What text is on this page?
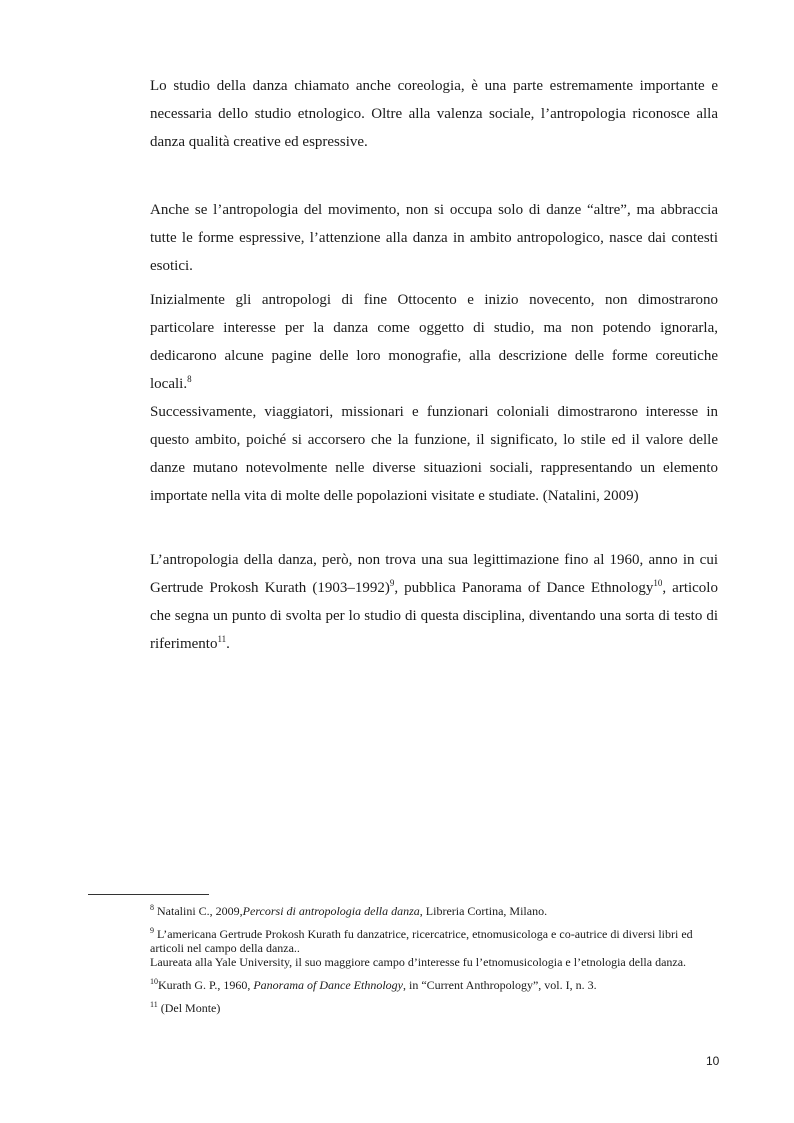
Lo studio della danza chiamato anche coreologia, è una parte estremamente importante e necessaria dello studio etnologico. Oltre alla valenza sociale, l’antropologia riconosce alla danza qualità creative ed espressive.

Anche se l’antropologia del movimento, non si occupa solo di danze “altre”, ma abbraccia tutte le forme espressive, l’attenzione alla danza in ambito antropologico, nasce dai contesti esotici.

Inizialmente gli antropologi di fine Ottocento e inizio novecento, non dimostrarono particolare interesse per la danza come oggetto di studio, ma non potendo ignorarla, dedicarono alcune pagine delle loro monografie, alla descrizione delle forme coreutiche locali.$^8$

Successivamente, viaggiatori, missionari e funzionari coloniali dimostrarono interesse in questo ambito, poiché si accorsero che la funzione, il significato, lo stile ed il valore delle danze mutano notevolmente nelle diverse situazioni sociali, rappresentando un elemento importate nella vita di molte delle popolazioni visitate e studiate. (Natalini, 2009)

L’antropologia della danza, però, non trova una sua legittimazione fino al 1960, anno in cui Gertrude Prokosh Kurath (1903–1992)$^9$, pubblica Panorama of Dance Ethnology$^{10}$, articolo che segna un punto di svolta per lo studio di questa disciplina, diventando una sorta di testo di riferimento$^{11}$.

$^8$ Natalini C., 2009,Percorsi di antropologia della danza, Libreria Cortina, Milano.

$^9$ L’americana Gertrude Prokosh Kurath fu danzatrice, ricercatrice, etnomusicologa e co-autrice di diversi libri ed articoli nel campo della danza..
Laureata alla Yale University, il suo maggiore campo d’interesse fu l’etnomusicologia e l’etnologia della danza.

$^{10}$Kurath G. P., 1960, Panorama of Dance Ethnology, in “Current Anthropology”, vol. I, n. 3.

$^{11}$ (Del Monte)

10
